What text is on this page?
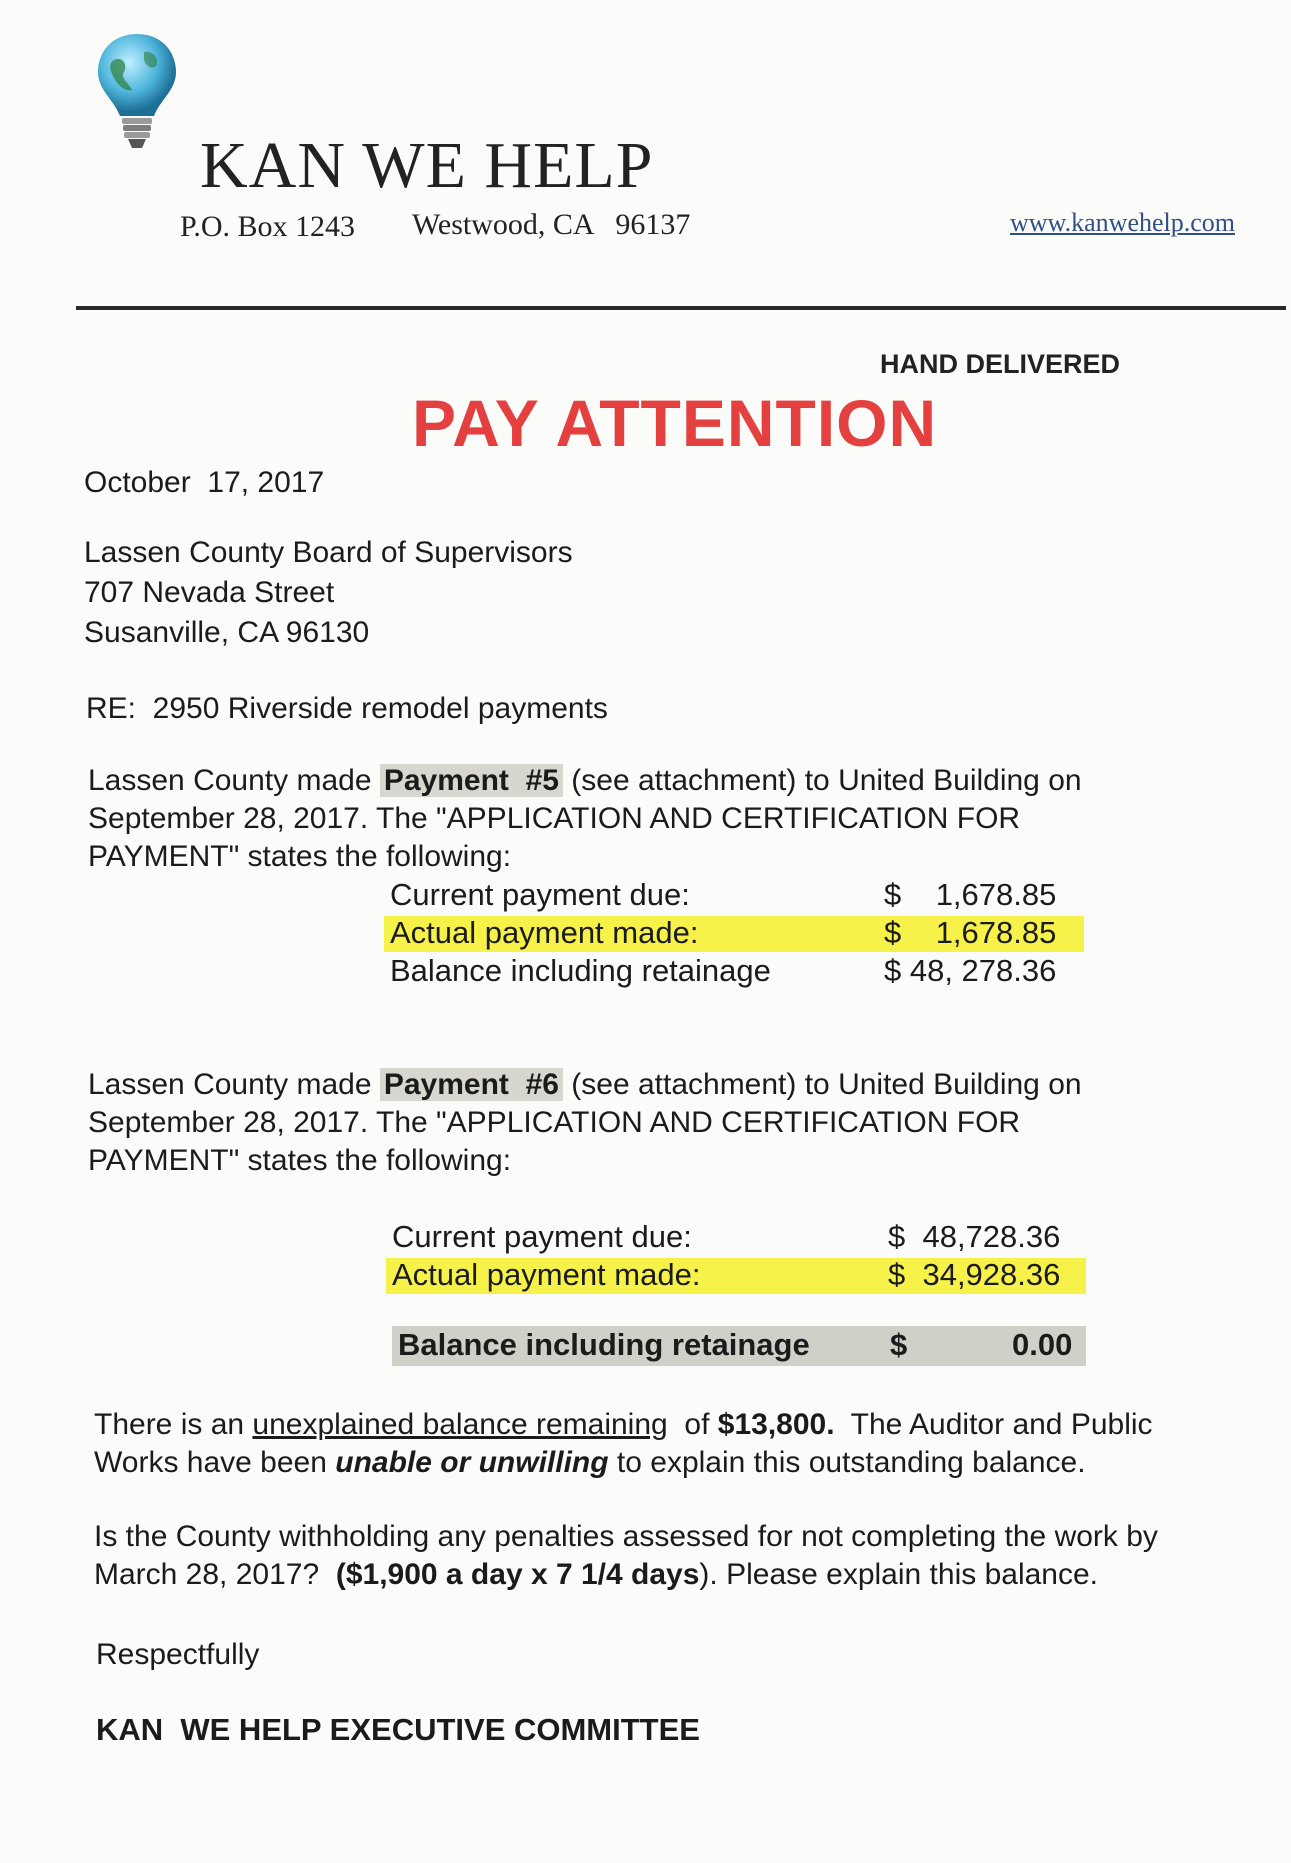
KAN WE HELP
P.O. Box 1243 Westwood, CA   96137	www.kanwehelp.com
HAND DELIVERED
PAY ATTENTION
October  17, 2017
Lassen County Board of Supervisors
707 Nevada Street
Susanville, CA 96130
RE:  2950 Riverside remodel payments
Lassen County made Payment  #5 (see attachment) to United Building on
September 28, 2017. The "APPLICATION AND CERTIFICATION FOR
PAYMENT" states the following:
Current payment due:	$    1,678.85
Actual payment made:	$    1,678.85
Balance including retainage	$ 48, 278.36
Lassen County made Payment  #6 (see attachment) to United Building on
September 28, 2017. The "APPLICATION AND CERTIFICATION FOR
PAYMENT" states the following:
Current payment due:	$  48,728.36
Actual payment made:	$  34,928.36
Balance including retainage	$	0.00
There is an unexplained balance remaining  of $13,800.  The Auditor and Public
Works have been unable or unwilling to explain this outstanding balance.
Is the County withholding any penalties assessed for not completing the work by
March 28, 2017?  ($1,900 a day x 7 1/4 days). Please explain this balance.
Respectfully
KAN  WE HELP EXECUTIVE COMMITTEE
